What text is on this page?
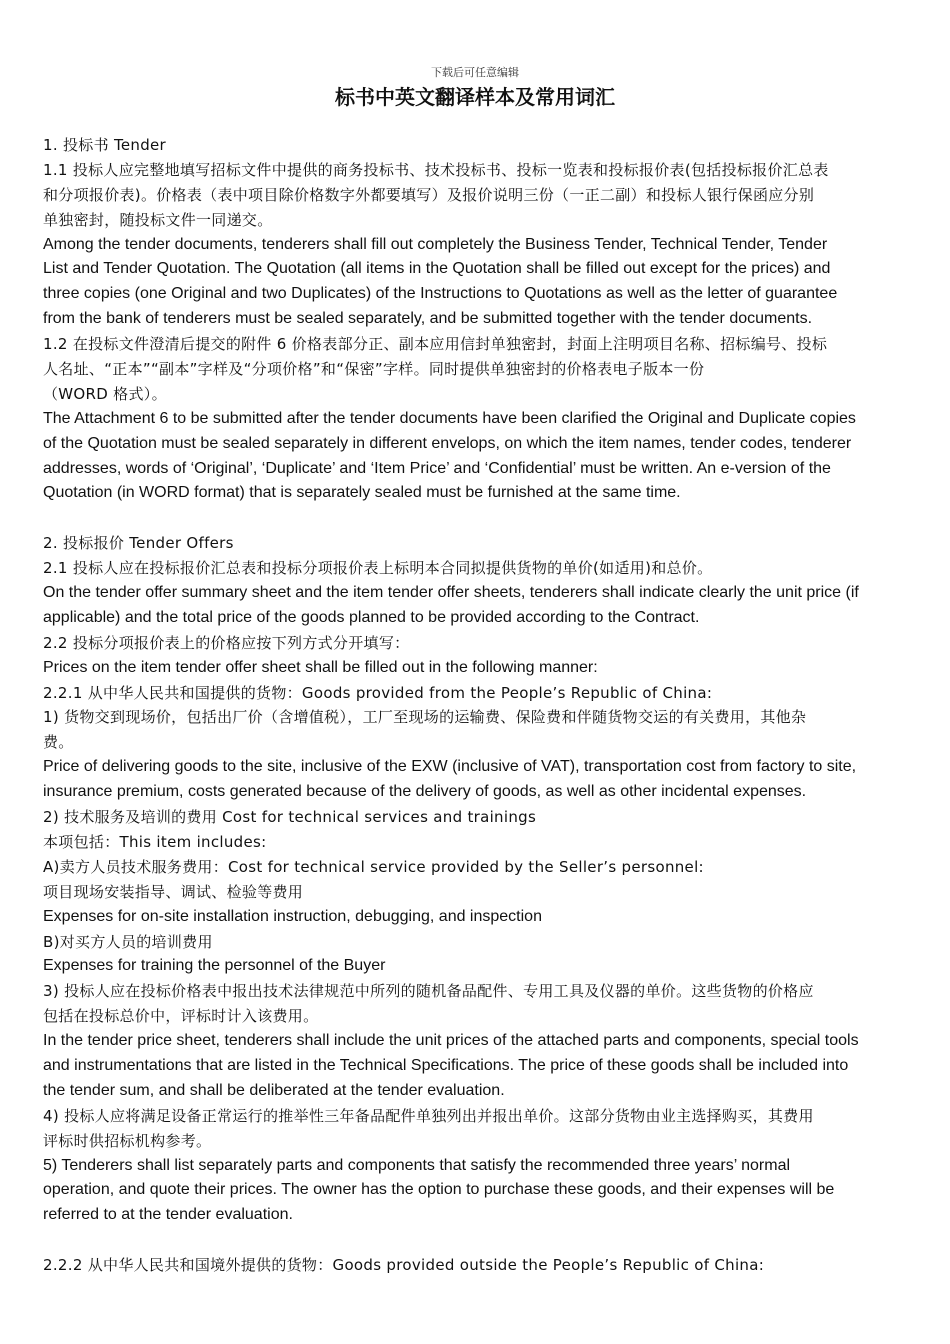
下载后可任意编辑
标书中英文翻译样本及常用词汇
1. 投标书 Tender
1.1 投标人应完整地填写招标文件中提供的商务投标书、技术投标书、投标一览表和投标报价表(包括投标报价汇总表
和分项报价表)。价格表（表中项目除价格数字外都要填写）及报价说明三份（一正二副）和投标人银行保函应分别
单独密封，随投标文件一同递交。
Among the tender documents, tenderers shall fill out completely the Business Tender, Technical Tender, Tender
List and Tender Quotation. The Quotation (all items in the Quotation shall be filled out except for the prices) and
three copies (one Original and two Duplicates) of the Instructions to Quotations as well as the letter of guarantee
from the bank of tenderers must be sealed separately, and be submitted together with the tender documents.
1.2 在投标文件澄清后提交的附件 6 价格表部分正、副本应用信封单独密封，封面上注明项目名称、招标编号、投标
人名址、“正本”“副本”字样及“分项价格”和“保密”字样。同时提供单独密封的价格表电子版本一份
（WORD 格式）。
The Attachment 6 to be submitted after the tender documents have been clarified the Original and Duplicate copies
of the Quotation must be sealed separately in different envelops, on which the item names, tender codes, tenderer
addresses, words of ‘Original’, ‘Duplicate’ and ‘Item Price’ and ‘Confidential’ must be written. An e-version of the
Quotation (in WORD format) that is separately sealed must be furnished at the same time.
2. 投标报价 Tender Offers
2.1 投标人应在投标报价汇总表和投标分项报价表上标明本合同拟提供货物的单价(如适用)和总价。
On the tender offer summary sheet and the item tender offer sheets, tenderers shall indicate clearly the unit price (if
applicable) and the total price of the goods planned to be provided according to the Contract.
2.2 投标分项报价表上的价格应按下列方式分开填写：
Prices on the item tender offer sheet shall be filled out in the following manner:
2.2.1 从中华人民共和国提供的货物：Goods provided from the People’s Republic of China:
1) 货物交到现场价，包括出厂价（含增值税），工厂至现场的运输费、保险费和伴随货物交运的有关费用，其他杂
费。
Price of delivering goods to the site, inclusive of the EXW (inclusive of VAT), transportation cost from factory to site,
insurance premium, costs generated because of the delivery of goods, as well as other incidental expenses.
2) 技术服务及培训的费用 Cost for technical services and trainings
本项包括：This item includes:
A)卖方人员技术服务费用：Cost for technical service provided by the Seller’s personnel:
项目现场安装指导、调试、检验等费用
Expenses for on-site installation instruction, debugging, and inspection
B)对买方人员的培训费用
Expenses for training the personnel of the Buyer
3) 投标人应在投标价格表中报出技术法律规范中所列的随机备品配件、专用工具及仪器的单价。这些货物的价格应
包括在投标总价中，评标时计入该费用。
In the tender price sheet, tenderers shall include the unit prices of the attached parts and components, special tools
and instrumentations that are listed in the Technical Specifications. The price of these goods shall be included into
the tender sum, and shall be deliberated at the tender evaluation.
4) 投标人应将满足设备正常运行的推举性三年备品配件单独列出并报出单价。这部分货物由业主选择购买，其费用
评标时供招标机构参考。
5) Tenderers shall list separately parts and components that satisfy the recommended three years’ normal
operation, and quote their prices. The owner has the option to purchase these goods, and their expenses will be
referred to at the tender evaluation.
2.2.2 从中华人民共和国境外提供的货物：Goods provided outside the People’s Republic of China:
